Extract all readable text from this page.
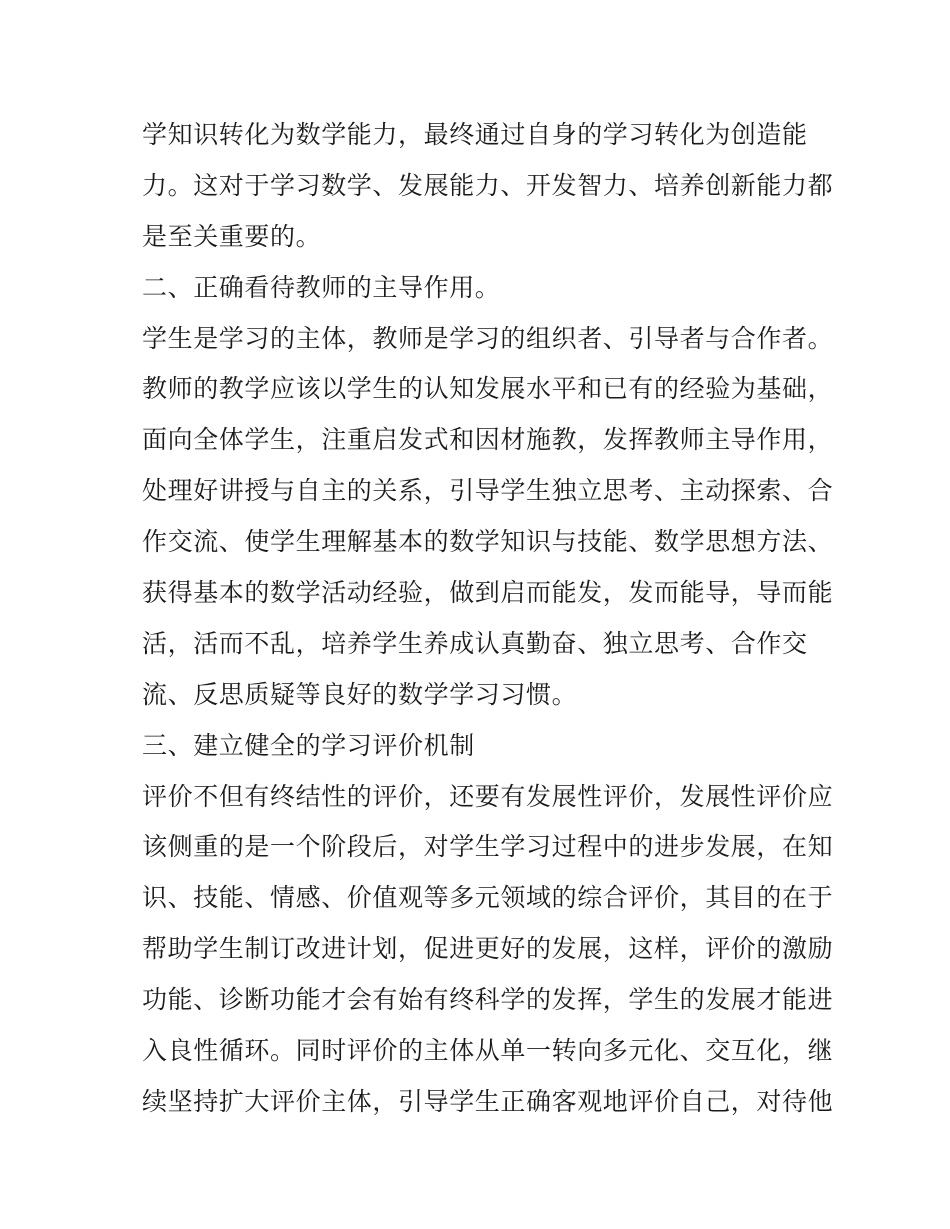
学知识转化为数学能力，最终通过自身的学习转化为创造能
力。这对于学习数学、发展能力、开发智力、培养创新能力都
是至关重要的。
二、正确看待教师的主导作用。
学生是学习的主体，教师是学习的组织者、引导者与合作者。
教师的教学应该以学生的认知发展水平和已有的经验为基础，
面向全体学生，注重启发式和因材施教，发挥教师主导作用，
处理好讲授与自主的关系，引导学生独立思考、主动探索、合
作交流、使学生理解基本的数学知识与技能、数学思想方法、
获得基本的数学活动经验，做到启而能发，发而能导，导而能
活，活而不乱，培养学生养成认真勤奋、独立思考、合作交
流、反思质疑等良好的数学学习习惯。
三、建立健全的学习评价机制
评价不但有终结性的评价，还要有发展性评价，发展性评价应
该侧重的是一个阶段后，对学生学习过程中的进步发展，在知
识、技能、情感、价值观等多元领域的综合评价，其目的在于
帮助学生制订改进计划，促进更好的发展，这样，评价的激励
功能、诊断功能才会有始有终科学的发挥，学生的发展才能进
入良性循环。同时评价的主体从单一转向多元化、交互化，继
续坚持扩大评价主体，引导学生正确客观地评价自己，对待他
